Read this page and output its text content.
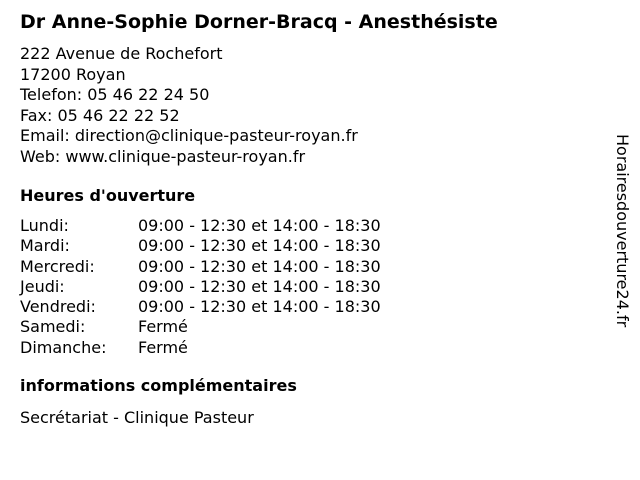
Dr Anne-Sophie Dorner-Bracq - Anesthésiste
222 Avenue de Rochefort
17200 Royan
Telefon: 05 46 22 24 50
Fax: 05 46 22 22 52
Email: direction@clinique-pasteur-royan.fr
Web: www.clinique-pasteur-royan.fr
Heures d'ouverture
Lundi:	09:00 - 12:30 et 14:00 - 18:30
Mardi:	09:00 - 12:30 et 14:00 - 18:30
Mercredi:	09:00 - 12:30 et 14:00 - 18:30
Jeudi:	09:00 - 12:30 et 14:00 - 18:30
Vendredi:	09:00 - 12:30 et 14:00 - 18:30
Samedi:	Fermé
Dimanche: Fermé
informations complémentaires
Secrétariat - Clinique Pasteur
Horairesdouverture24.fr
